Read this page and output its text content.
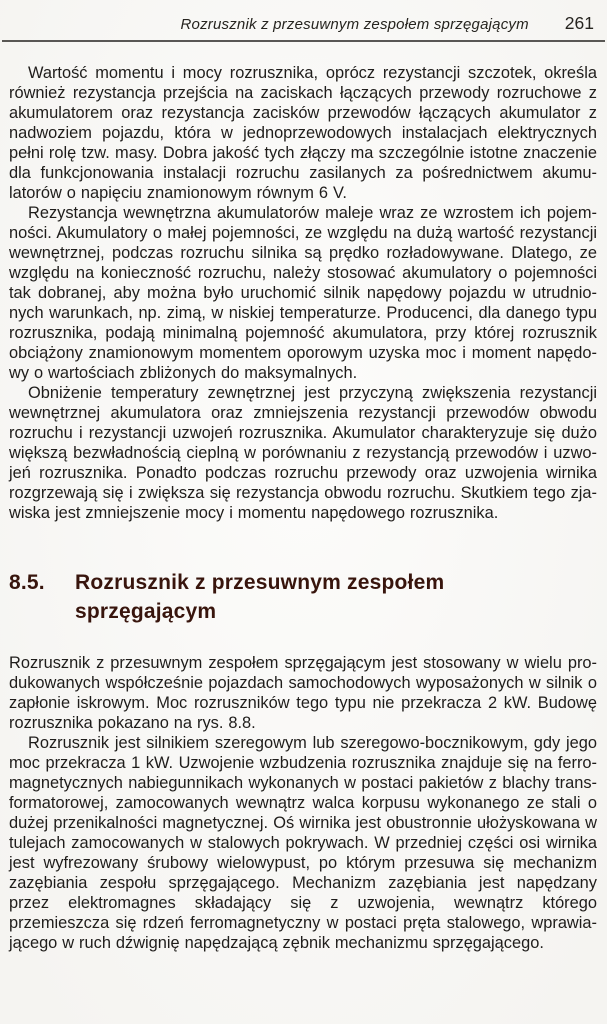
Rozrusznik z przesuwnym zespołem sprzęgającym 261

Wartość momentu i mocy rozrusznika, oprócz rezystancji szczotek, określa również rezystancja przejścia na zaciskach łączących przewody rozruchowe z akumulatorem oraz rezystancja zacisków przewodów łączących akumulator z nadwoziem pojazdu, która w jednoprzewodowych instalacjach elektrycznych pełni rolę tzw. masy. Dobra jakość tych złączy ma szczególnie istotne znaczenie dla funkcjonowania instalacji rozruchu zasilanych za pośrednictwem akumulatorów o napięciu znamionowym równym 6 V.

Rezystancja wewnętrzna akumulatorów maleje wraz ze wzrostem ich pojemności. Akumulatory o małej pojemności, ze względu na dużą wartość rezystancji wewnętrznej, podczas rozruchu silnika są prędko rozładowywane. Dlatego, ze względu na konieczność rozruchu, należy stosować akumulatory o pojemności tak dobranej, aby można było uruchomić silnik napędowy pojazdu w utrudnionych warunkach, np. zimą, w niskiej temperaturze. Producenci, dla danego typu rozrusznika, podają minimalną pojemność akumulatora, przy której rozrusznik obciążony znamionowym momentem oporowym uzyska moc i moment napędowy o wartościach zbliżonych do maksymalnych.

Obniżenie temperatury zewnętrznej jest przyczyną zwiększenia rezystancji wewnętrznej akumulatora oraz zmniejszenia rezystancji przewodów obwodu rozruchu i rezystancji uzwojeń rozrusznika. Akumulator charakteryzuje się dużo większą bezwładnością cieplną w porównaniu z rezystancją przewodów i uzwojeń rozrusznika. Ponadto podczas rozruchu przewody oraz uzwojenia wirnika rozgrzewają się i zwiększa się rezystancja obwodu rozruchu. Skutkiem tego zjawiska jest zmniejszenie mocy i momentu napędowego rozrusznika.

8.5.	Rozrusznik z przesuwnym zespołem sprzęgającym

Rozrusznik z przesuwnym zespołem sprzęgającym jest stosowany w wielu produkowanych współcześnie pojazdach samochodowych wyposażonych w silnik o zapłonie iskrowym. Moc rozruszników tego typu nie przekracza 2 kW. Budowę rozrusznika pokazano na rys. 8.8.

Rozrusznik jest silnikiem szeregowym lub szeregowo-bocznikowym, gdy jego moc przekracza 1 kW. Uzwojenie wzbudzenia rozrusznika znajduje się na ferromagnetycznych nabiegunnikach wykonanych w postaci pakietów z blachy transformatorowej, zamocowanych wewnątrz walca korpusu wykonanego ze stali o dużej przenikalności magnetycznej. Oś wirnika jest obustronnie ułożyskowana w tulejach zamocowanych w stalowych pokrywach. W przedniej części osi wirnika jest wyfrezowany śrubowy wielowypust, po którym przesuwa się mechanizm zazębiania zespołu sprzęgającego. Mechanizm zazębiania jest napędzany przez elektromagnes składający się z uzwojenia, wewnątrz którego przemieszcza się rdzeń ferromagnetyczny w postaci pręta stalowego, wprawiającego w ruch dźwignię napędzającą zębnik mechanizmu sprzęgającego.
